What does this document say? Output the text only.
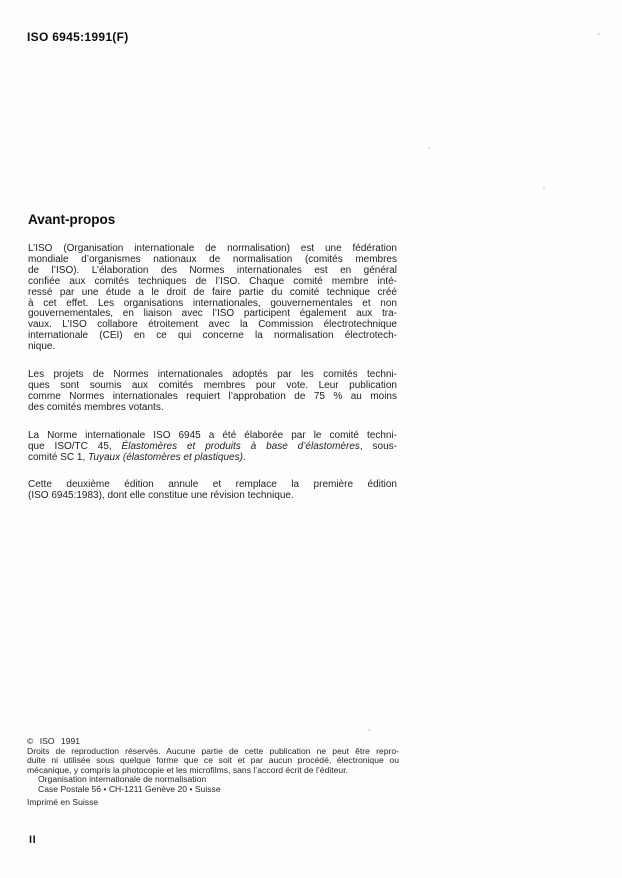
ISO 6945:1991(F)
Avant-propos

L’ISO (Organisation internationale de normalisation) est une fédération
mondiale d’organismes nationaux de normalisation (comités membres
de l’ISO). L’élaboration des Normes internationales est en général
confiée aux comités techniques de l’ISO. Chaque comité membre inté-
ressé par une étude a le droit de faire partie du comité technique créé
à cet effet. Les organisations internationales, gouvernementales et non
gouvernementales, en liaison avec l’ISO participent également aux tra-
vaux. L’ISO collabore étroitement avec la Commission électrotechnique
internationale (CEI) en ce qui concerne la normalisation électrotech-
nique.

Les projets de Normes internationales adoptés par les comités techni-
ques sont soumis aux comités membres pour vote. Leur publication
comme Normes internationales requiert l’approbation de 75 % au moins
des comités membres votants.

La Norme internationale ISO 6945 a été élaborée par le comité techni-
que ISO/TC 45, Élastomères et produits à base d’élastomères, sous-
comité SC 1, Tuyaux (élastomères et plastiques).

Cette deuxième édition annule et remplace la première édition
(ISO 6945:1983), dont elle constitue une révision technique.

© ISO 1991
Droits de reproduction réservés. Aucune partie de cette publication ne peut être repro-
duite ni utilisée sous quelque forme que ce soit et par aucun procédé, électronique ou
mécanique, y compris la photocopie et les microfilms, sans l’accord écrit de l’éditeur.
Organisation internationale de normalisation
Case Postale 56 • CH-1211 Genève 20 • Suisse
Imprimé en Suisse
II
